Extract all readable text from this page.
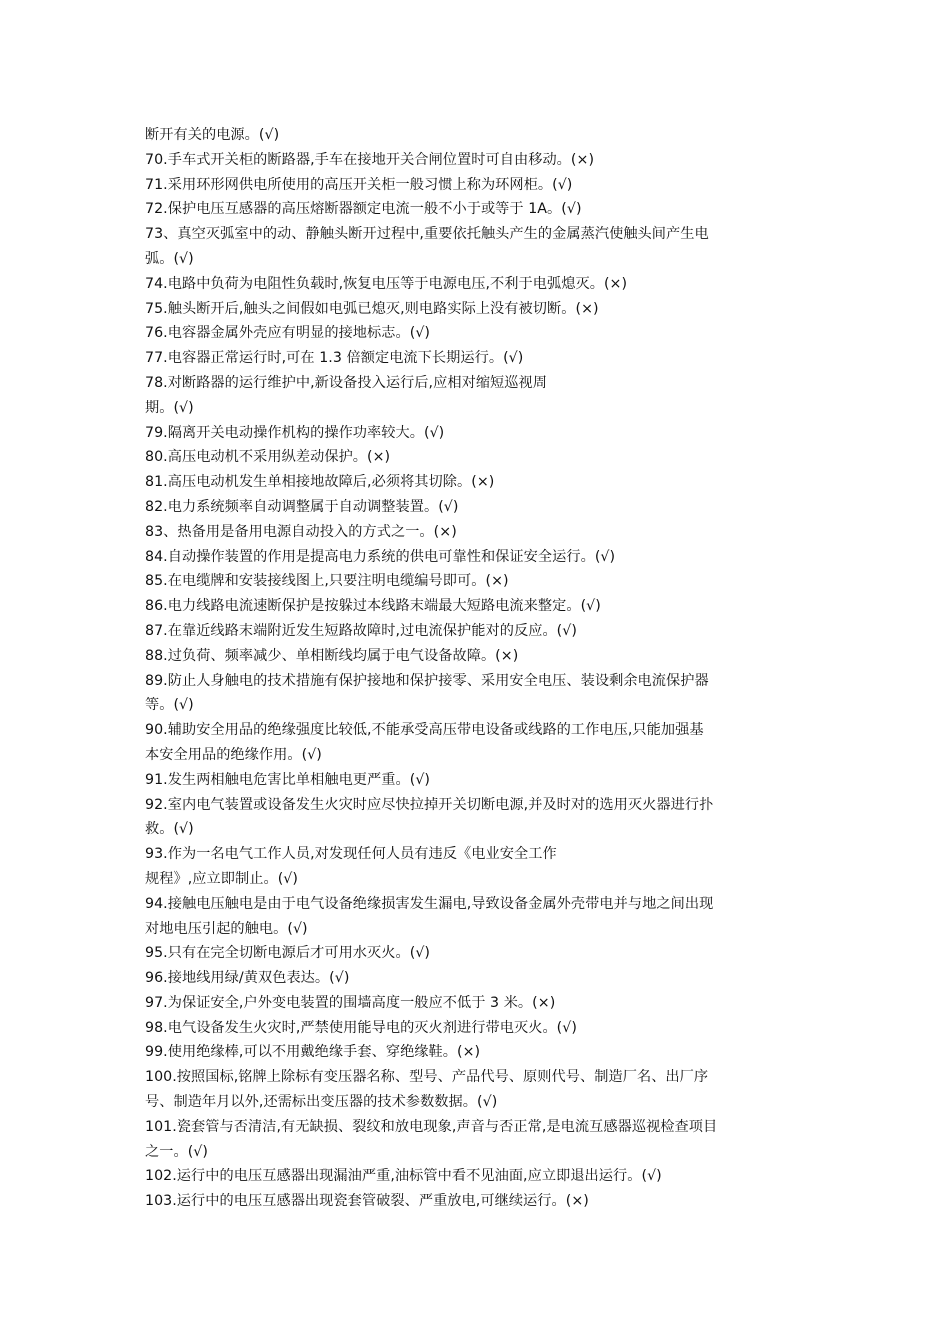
断开有关的电源。(√)
70.手车式开关柜的断路器,手车在接地开关合闸位置时可自由移动。(×)
71.采用环形网供电所使用的高压开关柜一般习惯上称为环网柜。(√)
72.保护电压互感器的高压熔断器额定电流一般不小于或等于 1A。(√)
73、真空灭弧室中的动、静触头断开过程中,重要依托触头产生的金属蒸汽使触头间产生电
弧。(√)
74.电路中负荷为电阻性负载时,恢复电压等于电源电压,不利于电弧熄灭。(×)
75.触头断开后,触头之间假如电弧已熄灭,则电路实际上没有被切断。(×)
76.电容器金属外壳应有明显的接地标志。(√)
77.电容器正常运行时,可在 1.3 倍额定电流下长期运行。(√)
78.对断路器的运行维护中,新设备投入运行后,应相对缩短巡视周
期。(√)
79.隔离开关电动操作机构的操作功率较大。(√)
80.高压电动机不采用纵差动保护。(×)
81.高压电动机发生单相接地故障后,必须将其切除。(×)
82.电力系统频率自动调整属于自动调整装置。(√)
83、热备用是备用电源自动投入的方式之一。(×)
84.自动操作装置的作用是提高电力系统的供电可靠性和保证安全运行。(√)
85.在电缆牌和安装接线图上,只要注明电缆编号即可。(×)
86.电力线路电流速断保护是按躲过本线路末端最大短路电流来整定。(√)
87.在靠近线路末端附近发生短路故障时,过电流保护能对的反应。(√)
88.过负荷、频率减少、单相断线均属于电气设备故障。(×)
89.防止人身触电的技术措施有保护接地和保护接零、采用安全电压、装设剩余电流保护器
等。(√)
90.辅助安全用品的绝缘强度比较低,不能承受高压带电设备或线路的工作电压,只能加强基
本安全用品的绝缘作用。(√)
91.发生两相触电危害比单相触电更严重。(√)
92.室内电气装置或设备发生火灾时应尽快拉掉开关切断电源,并及时对的选用灭火器进行扑
救。(√)
93.作为一名电气工作人员,对发现任何人员有违反《电业安全工作
规程》,应立即制止。(√)
94.接触电压触电是由于电气设备绝缘损害发生漏电,导致设备金属外壳带电并与地之间出现
对地电压引起的触电。(√)
95.只有在完全切断电源后才可用水灭火。(√)
96.接地线用绿/黄双色表达。(√)
97.为保证安全,户外变电装置的围墙高度一般应不低于 3 米。(×)
98.电气设备发生火灾时,严禁使用能导电的灭火剂进行带电灭火。(√)
99.使用绝缘棒,可以不用戴绝缘手套、穿绝缘鞋。(×)
100.按照国标,铭牌上除标有变压器名称、型号、产品代号、原则代号、制造厂名、出厂序
号、制造年月以外,还需标出变压器的技术参数数据。(√)
101.瓷套管与否清洁,有无缺损、裂纹和放电现象,声音与否正常,是电流互感器巡视检查项目
之一。(√)
102.运行中的电压互感器出现漏油严重,油标管中看不见油面,应立即退出运行。(√)
103.运行中的电压互感器出现瓷套管破裂、严重放电,可继续运行。(×)
